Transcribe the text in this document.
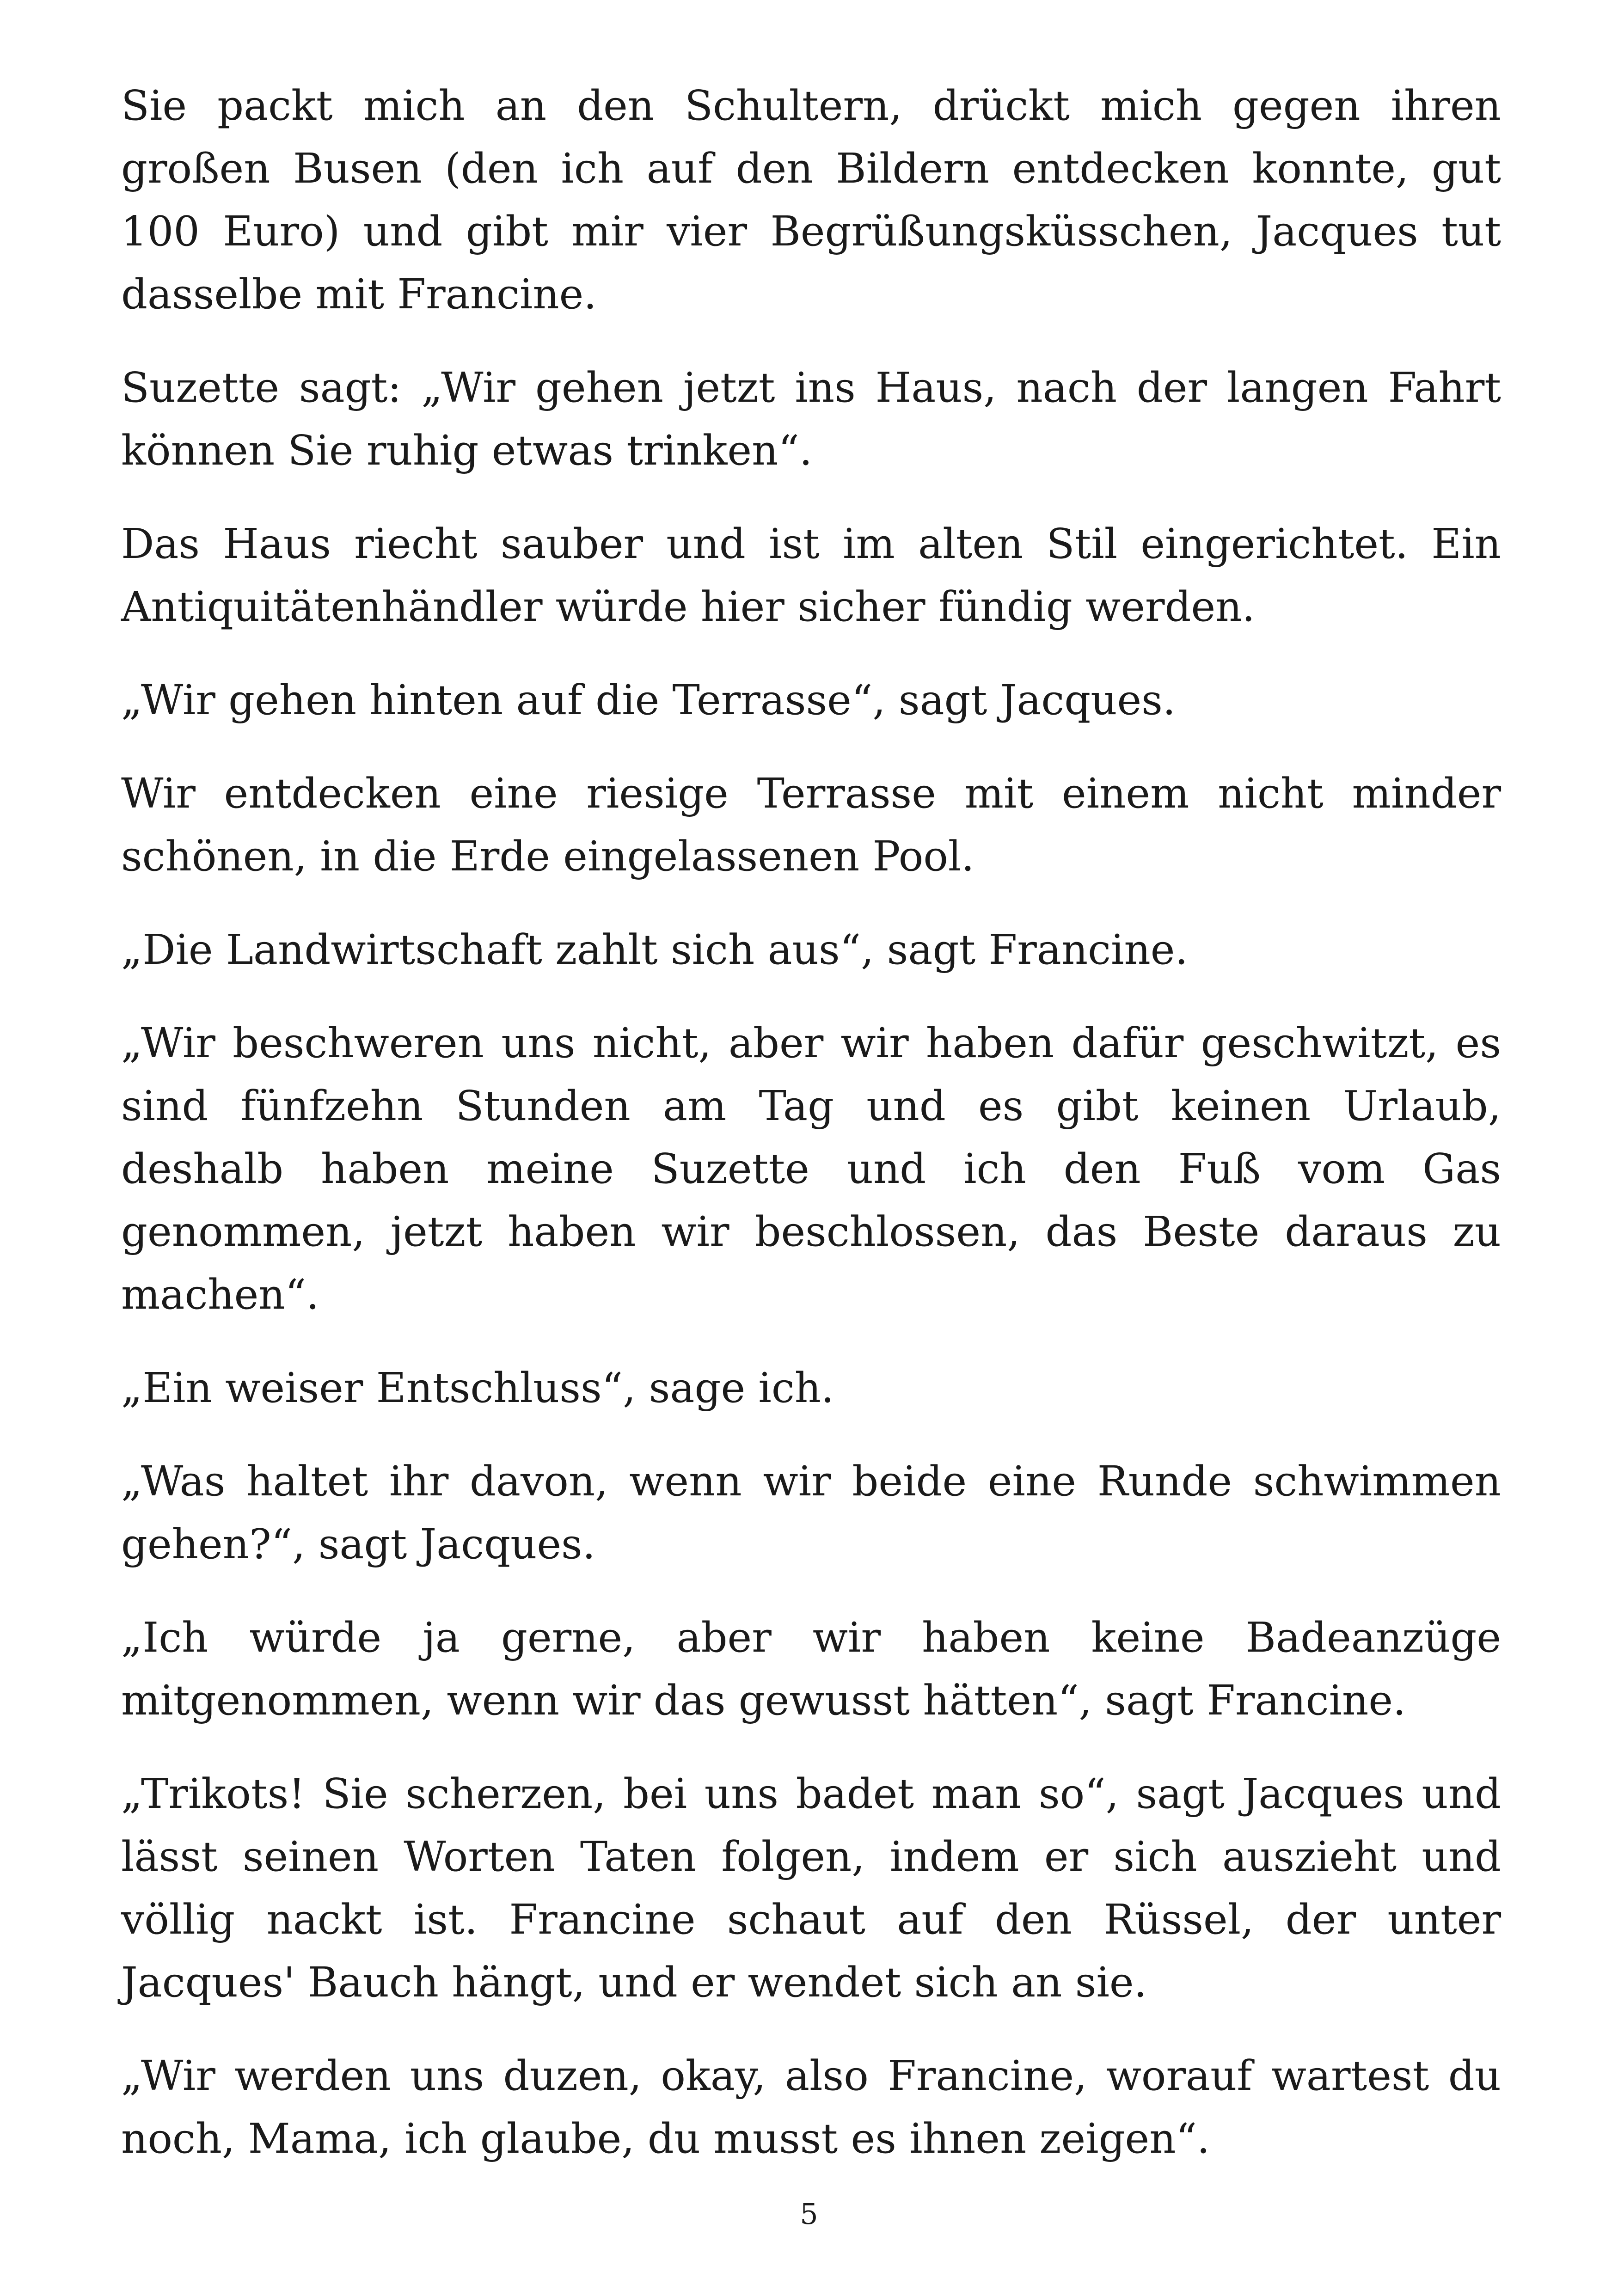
Sie packt mich an den Schultern, drückt mich gegen ihren großen Busen (den ich auf den Bildern entdecken konnte, gut 100 Euro) und gibt mir vier Begrüßungsküsschen, Jacques tut dasselbe mit Francine.

Suzette sagt: „Wir gehen jetzt ins Haus, nach der langen Fahrt können Sie ruhig etwas trinken“.

Das Haus riecht sauber und ist im alten Stil eingerichtet. Ein Antiquitätenhändler würde hier sicher fündig werden.

„Wir gehen hinten auf die Terrasse“, sagt Jacques.

Wir entdecken eine riesige Terrasse mit einem nicht minder schönen, in die Erde eingelassenen Pool.

„Die Landwirtschaft zahlt sich aus“, sagt Francine.

„Wir beschweren uns nicht, aber wir haben dafür geschwitzt, es sind fünfzehn Stunden am Tag und es gibt keinen Urlaub, deshalb haben meine Suzette und ich den Fuß vom Gas genommen, jetzt haben wir beschlossen, das Beste daraus zu machen“.

„Ein weiser Entschluss“, sage ich.

„Was haltet ihr davon, wenn wir beide eine Runde schwimmen gehen?“, sagt Jacques.

„Ich würde ja gerne, aber wir haben keine Badeanzüge mitgenommen, wenn wir das gewusst hätten“, sagt Francine.

„Trikots! Sie scherzen, bei uns badet man so“, sagt Jacques und lässt seinen Worten Taten folgen, indem er sich auszieht und völlig nackt ist. Francine schaut auf den Rüssel, der unter Jacques' Bauch hängt, und er wendet sich an sie.

„Wir werden uns duzen, okay, also Francine, worauf wartest du noch, Mama, ich glaube, du musst es ihnen zeigen“.

5
